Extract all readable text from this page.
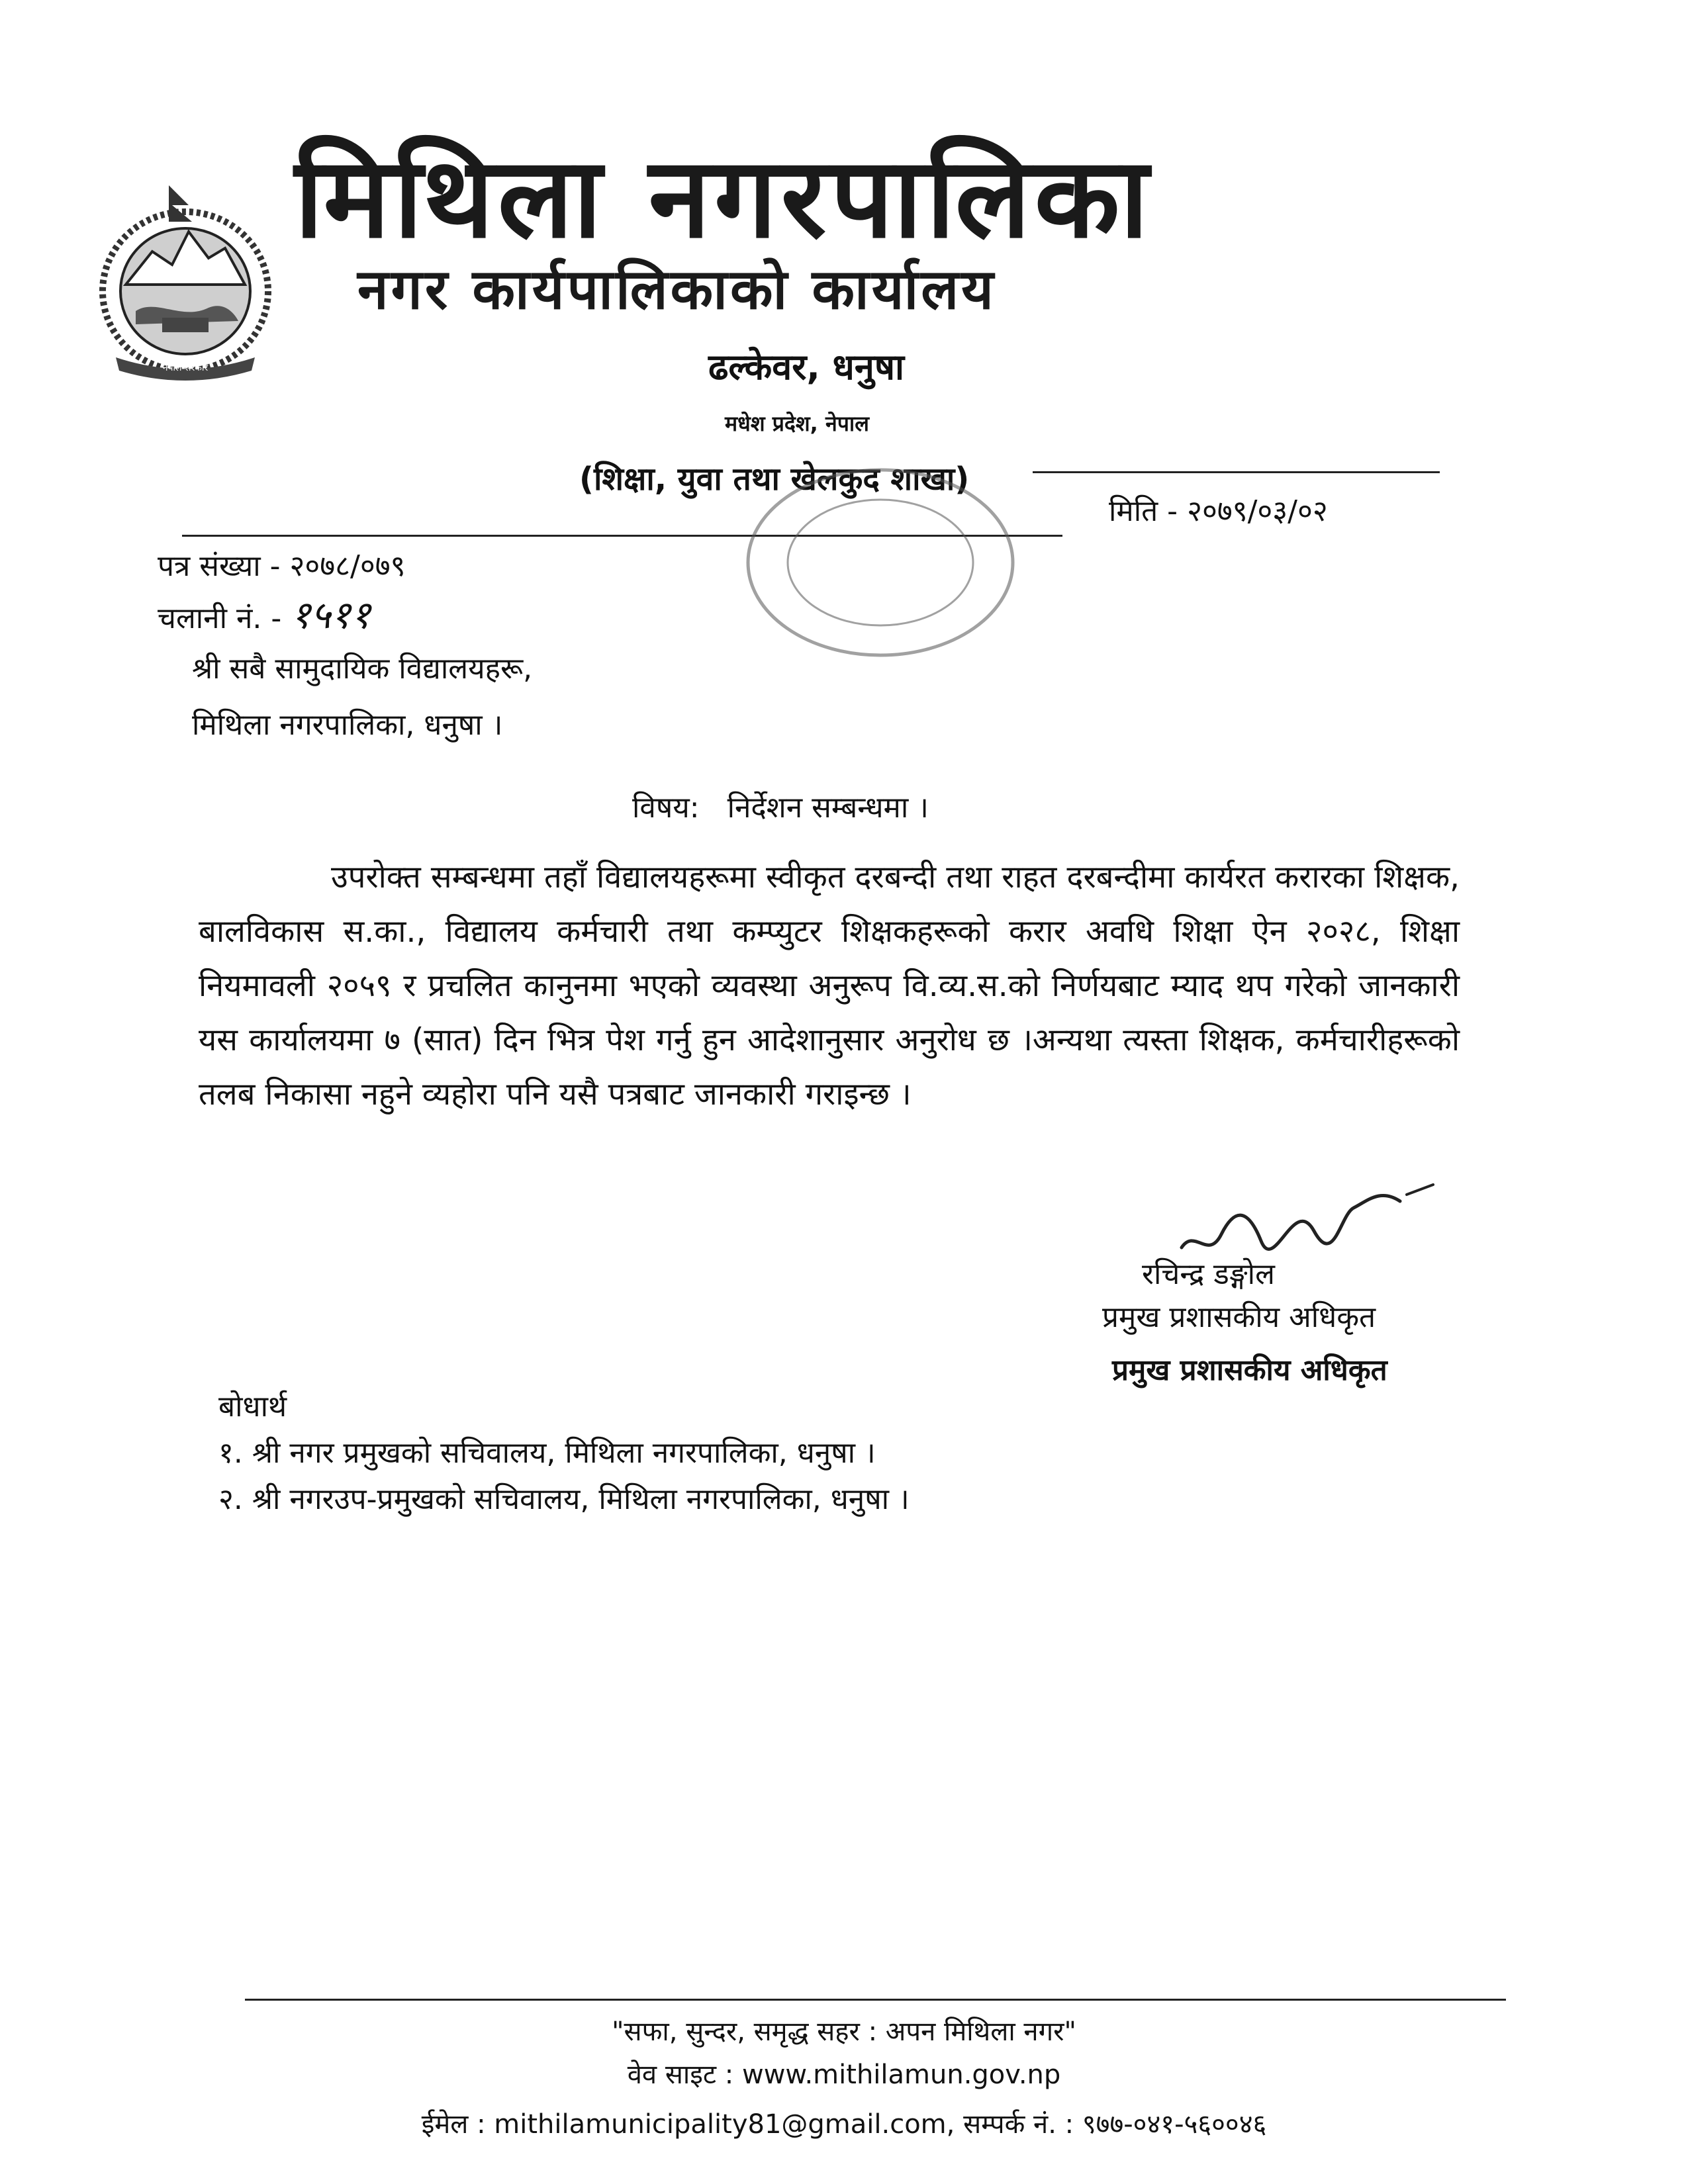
नेपाल सरकार
मिथिला नगरपालिका
नगर कार्यपालिकाको कार्यालय
ढल्केवर, धनुषा
मधेश प्रदेश, नेपाल
(शिक्षा, युवा तथा खेलकुद शाखा)
मिति - २०७९/०३/०२
पत्र संख्या - २०७८/०७९
चलानी नं. - १५११
श्री सबै सामुदायिक विद्यालयहरू,
मिथिला नगरपालिका, धनुषा ।
विषय: निर्देशन सम्बन्धमा ।
उपरोक्त सम्बन्धमा तहाँ विद्यालयहरूमा स्वीकृत दरबन्दी तथा राहत दरबन्दीमा कार्यरत करारका शिक्षक, बालविकास स.का., विद्यालय कर्मचारी तथा कम्प्युटर शिक्षकहरूको करार अवधि शिक्षा ऐन २०२८, शिक्षा नियमावली २०५९ र प्रचलित कानुनमा भएको व्यवस्था अनुरूप वि.व्य.स.को निर्णयबाट म्याद थप गरेको जानकारी यस कार्यालयमा ७ (सात) दिन भित्र पेश गर्नु हुन आदेशानुसार अनुरोध छ ।अन्यथा त्यस्ता शिक्षक, कर्मचारीहरूको तलब निकासा नहुने व्यहोरा पनि यसै पत्रबाट जानकारी गराइन्छ ।
रचिन्द्र डङ्गोल
प्रमुख प्रशासकीय अधिकृत
प्रमुख प्रशासकीय अधिकृत
बोधार्थ
१. श्री नगर प्रमुखको सचिवालय, मिथिला नगरपालिका, धनुषा ।
२. श्री नगरउप-प्रमुखको सचिवालय, मिथिला नगरपालिका, धनुषा ।
"सफा, सुन्दर, समृद्ध सहर : अपन मिथिला नगर"
वेव साइट : www.mithilamun.gov.np
ईमेल : mithilamunicipality81@gmail.com, सम्पर्क नं. : ९७७-०४१-५६००४६
